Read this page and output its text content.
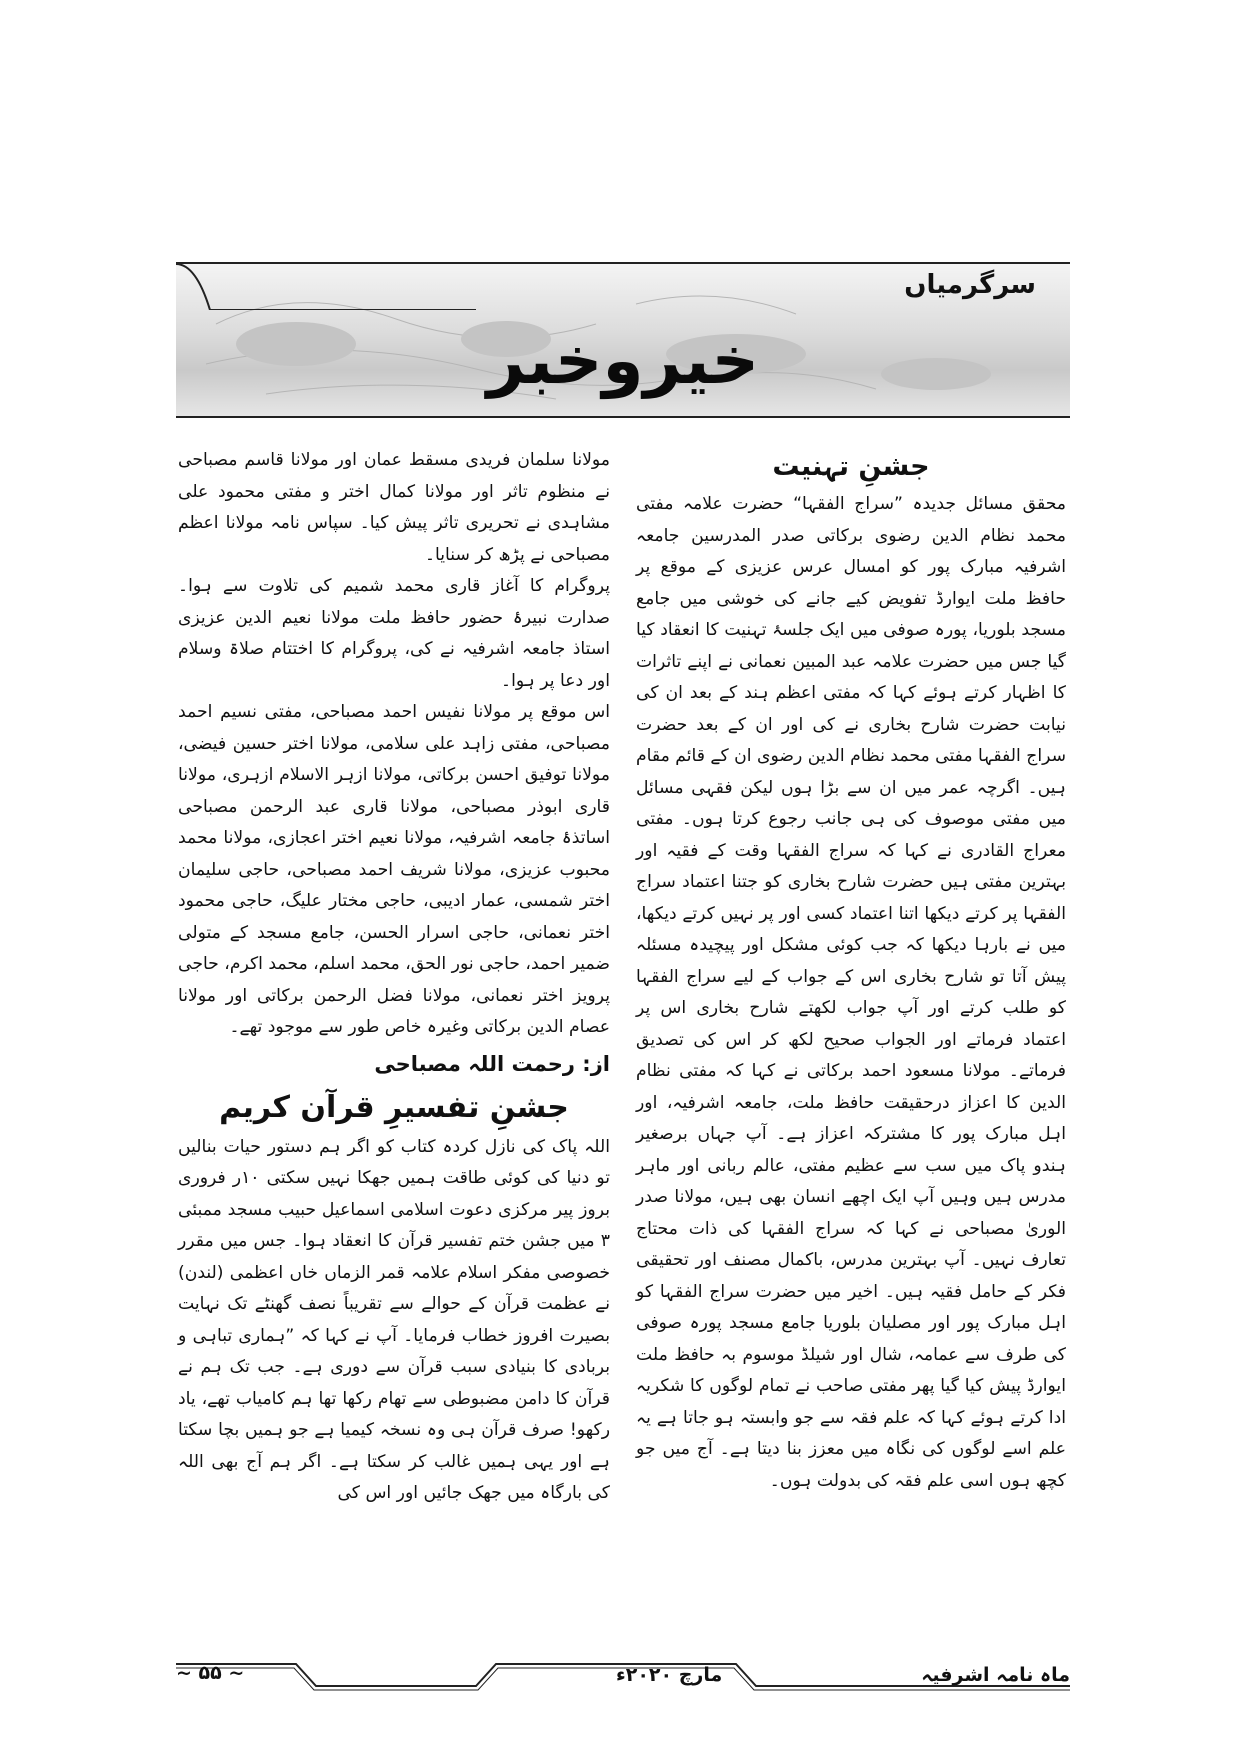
سرگرمیاں
خیروخبر

جشنِ تہنیت

محقق مسائل جدیدہ ”سراج الفقہا“ حضرت علامہ مفتی محمد نظام الدین رضوی برکاتی صدر المدرسین جامعہ اشرفیہ مبارک پور کو امسال عرس عزیزی کے موقع پر حافظ ملت ایوارڈ تفویض کیے جانے کی خوشی میں جامع مسجد بلوریا، پورہ صوفی میں ایک جلسۂ تہنیت کا انعقاد کیا گیا جس میں حضرت علامہ عبد المبین نعمانی نے اپنے تاثرات کا اظہار کرتے ہوئے کہا کہ مفتی اعظم ہند کے بعد ان کی نیابت حضرت شارح بخاری نے کی اور ان کے بعد حضرت سراج الفقہا مفتی محمد نظام الدین رضوی ان کے قائم مقام ہیں۔ اگرچہ عمر میں ان سے بڑا ہوں لیکن فقہی مسائل میں مفتی موصوف کی ہی جانب رجوع کرتا ہوں۔ مفتی معراج القادری نے کہا کہ سراج الفقہا وقت کے فقیہ اور بہترین مفتی ہیں حضرت شارح بخاری کو جتنا اعتماد سراج الفقہا پر کرتے دیکھا اتنا اعتماد کسی اور پر نہیں کرتے دیکھا، میں نے بارہا دیکھا کہ جب کوئی مشکل اور پیچیدہ مسئلہ پیش آتا تو شارح بخاری اس کے جواب کے لیے سراج الفقہا کو طلب کرتے اور آپ جواب لکھتے شارح بخاری اس پر اعتماد فرماتے اور الجواب صحیح لکھ کر اس کی تصدیق فرماتے۔ مولانا مسعود احمد برکاتی نے کہا کہ مفتی نظام الدین کا اعزاز درحقیقت حافظ ملت، جامعہ اشرفیہ، اور اہل مبارک پور کا مشترکہ اعزاز ہے۔ آپ جہاں برصغیر ہندو پاک میں سب سے عظیم مفتی، عالم ربانی اور ماہر مدرس ہیں وہیں آپ ایک اچھے انسان بھی ہیں، مولانا صدر الوریٰ مصباحی نے کہا کہ سراج الفقہا کی ذات محتاج تعارف نہیں۔ آپ بہترین مدرس، باکمال مصنف اور تحقیقی فکر کے حامل فقیہ ہیں۔ اخیر میں حضرت سراج الفقہا کو اہل مبارک پور اور مصلیان بلوریا جامع مسجد پورہ صوفی کی طرف سے عمامہ، شال اور شیلڈ موسوم بہ حافظ ملت ایوارڈ پیش کیا گیا پھر مفتی صاحب نے تمام لوگوں کا شکریہ ادا کرتے ہوئے کہا کہ علم فقہ سے جو وابستہ ہو جاتا ہے یہ علم اسے لوگوں کی نگاہ میں معزز بنا دیتا ہے۔ آج میں جو کچھ ہوں اسی علم فقہ کی بدولت ہوں۔

مولانا سلمان فریدی مسقط عمان اور مولانا قاسم مصباحی نے منظوم تاثر اور مولانا کمال اختر و مفتی محمود علی مشاہدی نے تحریری تاثر پیش کیا۔ سپاس نامہ مولانا اعظم مصباحی نے پڑھ کر سنایا۔

پروگرام کا آغاز قاری محمد شمیم کی تلاوت سے ہوا۔ صدارت نبیرۂ حضور حافظ ملت مولانا نعیم الدین عزیزی استاذ جامعہ اشرفیہ نے کی، پروگرام کا اختتام صلاۃ وسلام اور دعا پر ہوا۔

اس موقع پر مولانا نفیس احمد مصباحی، مفتی نسیم احمد مصباحی، مفتی زاہد علی سلامی، مولانا اختر حسین فیضی، مولانا توفیق احسن برکاتی، مولانا ازہر الاسلام ازہری، مولانا قاری ابوذر مصباحی، مولانا قاری عبد الرحمن مصباحی اساتذۂ جامعہ اشرفیہ، مولانا نعیم اختر اعجازی، مولانا محمد محبوب عزیزی، مولانا شریف احمد مصباحی، حاجی سلیمان اختر شمسی، عمار ادیبی، حاجی مختار علیگ، حاجی محمود اختر نعمانی، حاجی اسرار الحسن، جامع مسجد کے متولی ضمیر احمد، حاجی نور الحق، محمد اسلم، محمد اکرم، حاجی پرویز اختر نعمانی، مولانا فضل الرحمن برکاتی اور مولانا عصام الدین برکاتی وغیرہ خاص طور سے موجود تھے۔

از: رحمت اللہ مصباحی

جشنِ تفسیرِ قرآن کریم

اللہ پاک کی نازل کردہ کتاب کو اگر ہم دستور حیات بنالیں تو دنیا کی کوئی طاقت ہمیں جھکا نہیں سکتی ۱۰ر فروری بروز پیر مرکزی دعوت اسلامی اسماعیل حبیب مسجد ممبئی ۳ میں جشن ختم تفسیر قرآن کا انعقاد ہوا۔ جس میں مقرر خصوصی مفکر اسلام علامہ قمر الزماں خاں اعظمی (لندن) نے عظمت قرآن کے حوالے سے تقریباً نصف گھنٹے تک نہایت بصیرت افروز خطاب فرمایا۔ آپ نے کہا کہ ”ہماری تباہی و بربادی کا بنیادی سبب قرآن سے دوری ہے۔ جب تک ہم نے قرآن کا دامن مضبوطی سے تھام رکھا تھا ہم کامیاب تھے، یاد رکھو! صرف قرآن ہی وہ نسخہ کیمیا ہے جو ہمیں بچا سکتا ہے اور یہی ہمیں غالب کر سکتا ہے۔ اگر ہم آج بھی اللہ کی بارگاہ میں جھک جائیں اور اس کی

~ ۵۵ ~	مارچ ۲۰۲۰ء	ماہ نامہ اشرفیہ
